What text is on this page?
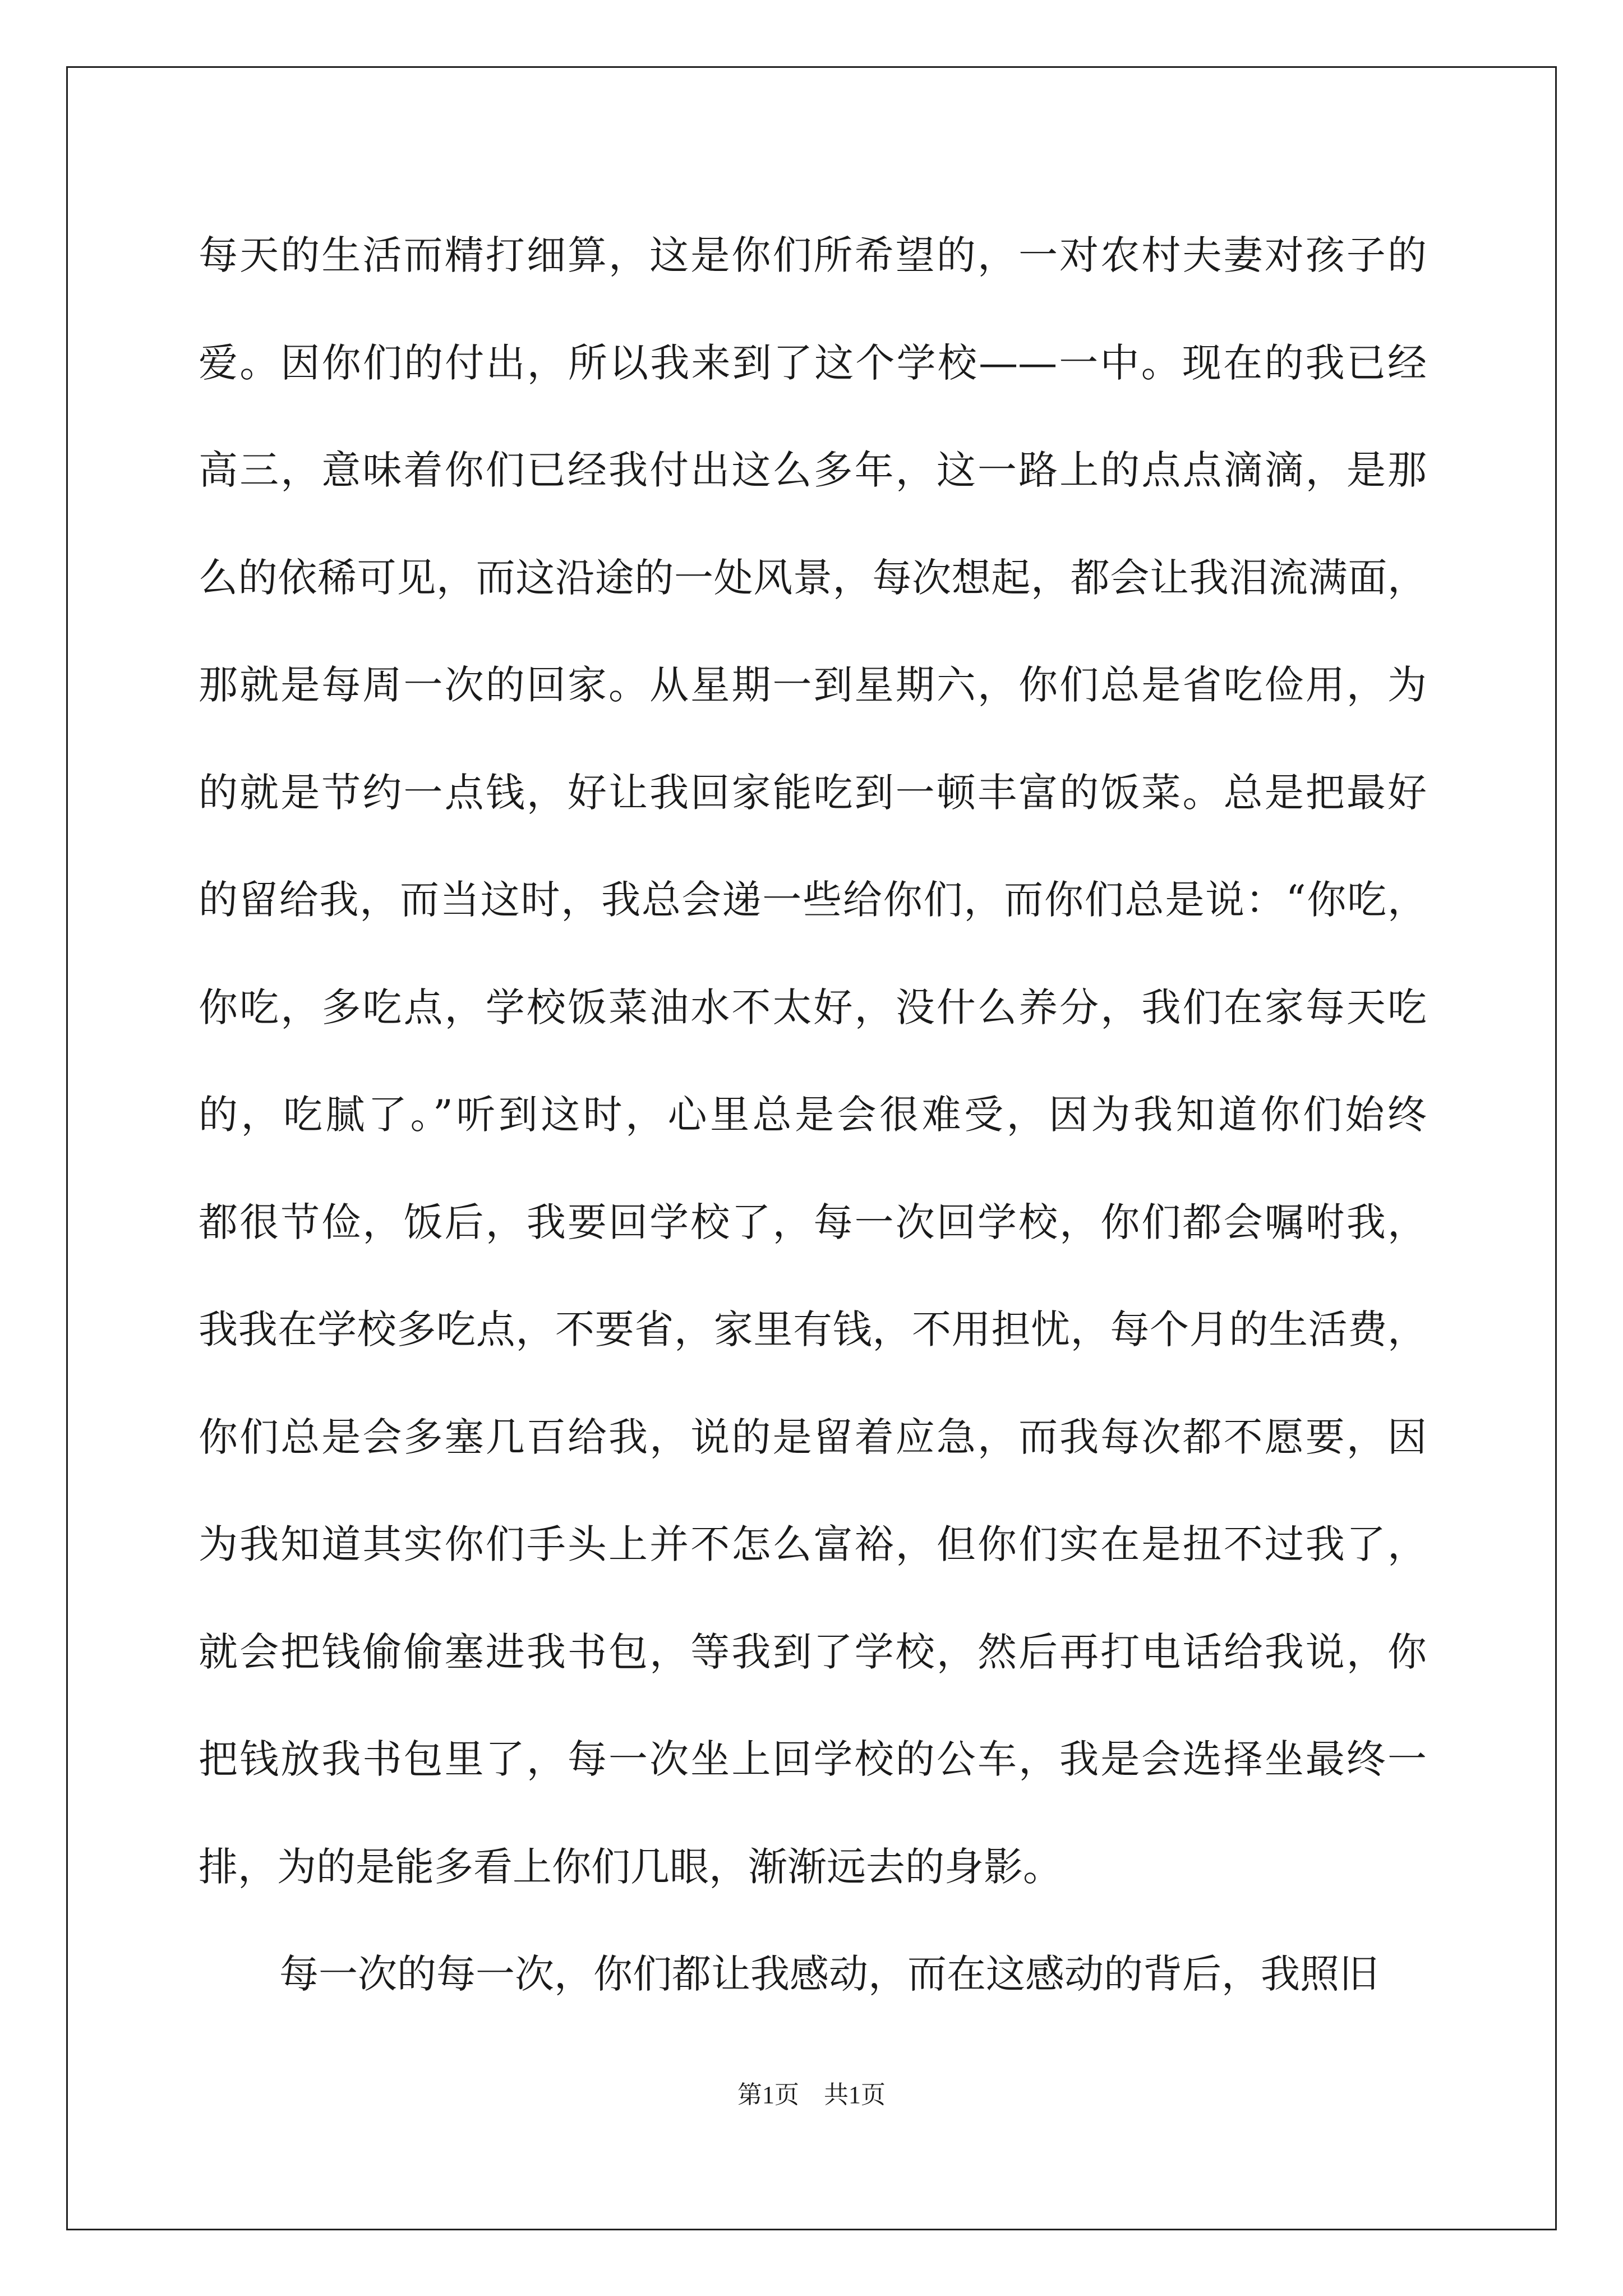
每天的生活而精打细算，这是你们所希望的，一对农村夫妻对孩子的
爱。因你们的付出，所以我来到了这个学校——一中。现在的我已经
高三，意味着你们已经我付出这么多年，这一路上的点点滴滴，是那
么的依稀可见，而这沿途的一处风景，每次想起，都会让我泪流满面，
那就是每周一次的回家。从星期一到星期六，你们总是省吃俭用，为
的就是节约一点钱，好让我回家能吃到一顿丰富的饭菜。总是把最好
的留给我，而当这时，我总会递一些给你们，而你们总是说：“你吃，
你吃，多吃点，学校饭菜油水不太好，没什么养分，我们在家每天吃
的，吃腻了。”听到这时，心里总是会很难受，因为我知道你们始终
都很节俭，饭后，我要回学校了，每一次回学校，你们都会嘱咐我，
我我在学校多吃点，不要省，家里有钱，不用担忧，每个月的生活费，
你们总是会多塞几百给我，说的是留着应急，而我每次都不愿要，因
为我知道其实你们手头上并不怎么富裕，但你们实在是扭不过我了，
就会把钱偷偷塞进我书包，等我到了学校，然后再打电话给我说，你
把钱放我书包里了，每一次坐上回学校的公车，我是会选择坐最终一
排，为的是能多看上你们几眼，渐渐远去的身影。
每一次的每一次，你们都让我感动，而在这感动的背后，我照旧
第1页　共1页
